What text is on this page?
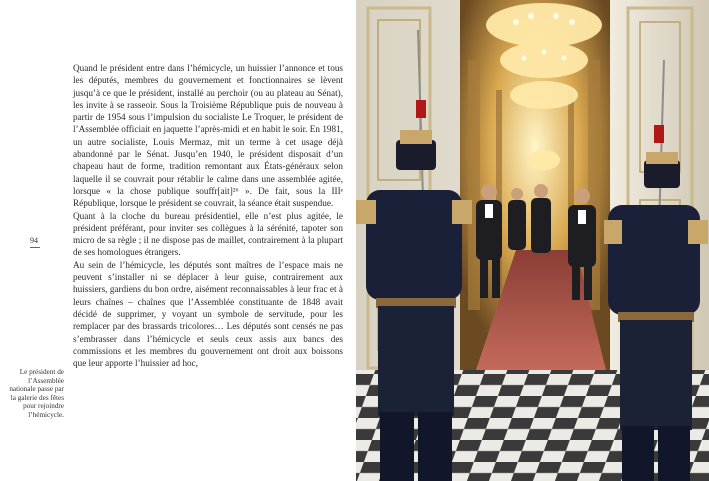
Quand le président entre dans l’hémicycle, un huissier l’annonce et tous les députés, membres du gouvernement et fonctionnaires se lèvent jusqu’à ce que le président, installé au perchoir (ou au plateau au Sénat), les invite à se rasseoir. Sous la Troisième République puis de nouveau à partir de 1954 sous l’impulsion du socialiste Le Troquer, le président de l’Assemblée officiait en jaquette l’après-midi et en habit le soir. En 1981, un autre socialiste, Louis Mermaz, mit un terme à cet usage déjà abandonné par le Sénat. Jusqu’en 1940, le président disposait d’un chapeau haut de forme, tradition remontant aux États-généraux selon laquelle il se couvrait pour rétablir le calme dans une assemblée agitée, lorsque « la chose publique souffr[ait]²⁶ ». De fait, sous la IIIᵉ République, lorsque le président se couvrait, la séance était suspendue.

Quant à la cloche du bureau présidentiel, elle n’est plus agitée, le président préférant, pour inviter ses collègues à la sérénité, tapoter son micro de sa règle ; il ne dispose pas de maillet, contrairement à la plupart de ses homologues étrangers.

Au sein de l’hémicycle, les députés sont maîtres de l’espace mais ne peuvent s’installer ni se déplacer à leur guise, contrairement aux huissiers, gardiens du bon ordre, aisément reconnaissables à leur frac et à leurs chaînes – chaînes que l’Assemblée constituante de 1848 avait décidé de supprimer, y voyant un symbole de servitude, pour les remplacer par des brassards tricolores… Les députés sont censés ne pas s’embrasser dans l’hémicycle et seuls ceux assis aux bancs des commissions et les membres du gouvernement ont droit aux boissons que leur apporte l’huissier ad hoc,

94
Le président de l’Assemblée nationale passe par la galerie des fêtes pour rejoindre l’hémicycle.
